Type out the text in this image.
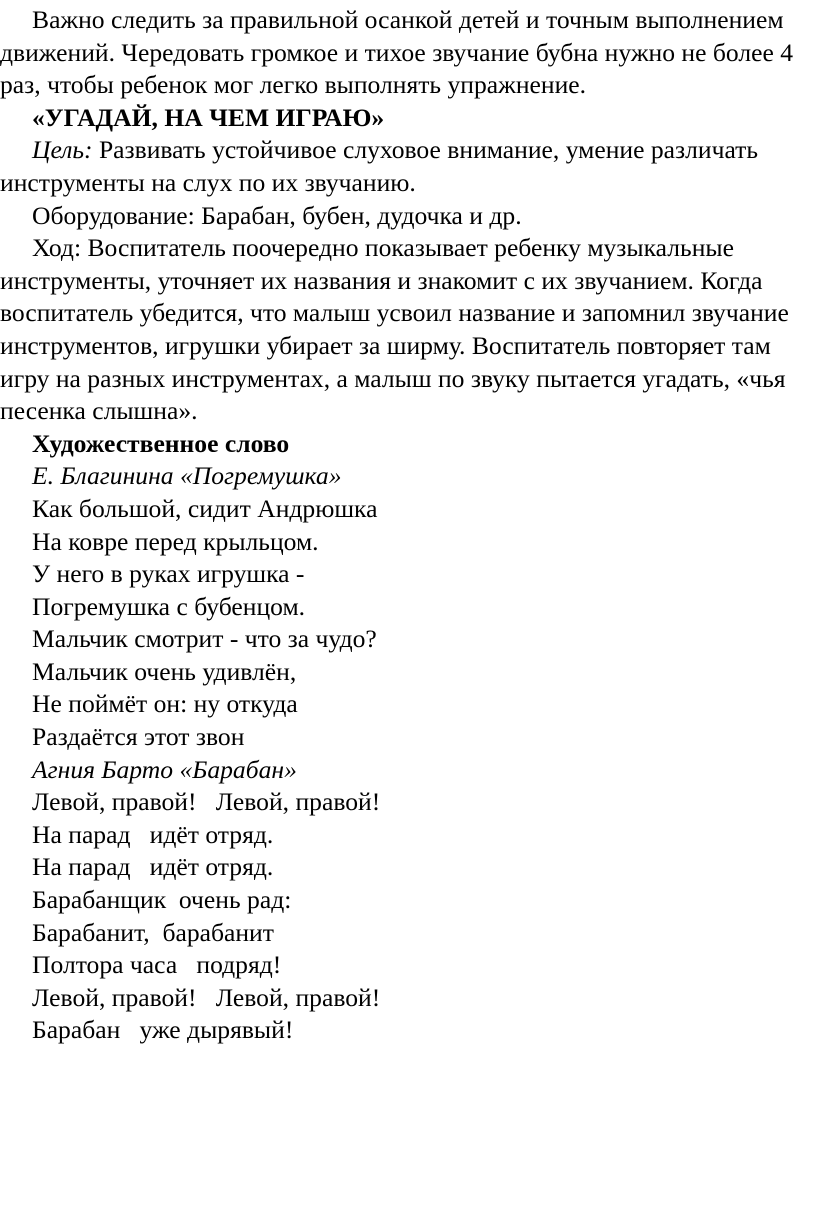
Важно следить за правильной осанкой детей и точным выполнением движений. Чередовать громкое и тихое звучание бубна нужно не более 4 раз, чтобы ребенок мог легко выполнять упражнение.

«УГАДАЙ, НА ЧЕМ ИГРАЮ»

Цель: Развивать устойчивое слуховое внимание, умение различать инструменты на слух по их звучанию.

Оборудование: Барабан, бубен, дудочка и др.

Ход: Воспитатель поочередно показывает ребенку музыкальные инструменты, уточняет их названия и знакомит с их звучанием. Когда воспитатель убедится, что малыш усвоил название и запомнил звучание инструментов, игрушки убирает за ширму. Воспитатель повторяет там игру на разных инструментах, а малыш по звуку пытается угадать, «чья песенка слышна».

Художественное слово

Е. Благинина «Погремушка»

Как большой, сидит Андрюшка

На ковре перед крыльцом.

У него в руках игрушка -

Погремушка с бубенцом.

Мальчик смотрит - что за чудо?

Мальчик очень удивлён,

Не поймёт он: ну откуда

Раздаётся этот звон

Агния Барто «Барабан»

Левой, правой!   Левой, правой!

На парад   идёт отряд.

На парад   идёт отряд.

Барабанщик  очень рад:

Барабанит,  барабанит

Полтора часа   подряд!

Левой, правой!   Левой, правой!

Барабан   уже дырявый!
